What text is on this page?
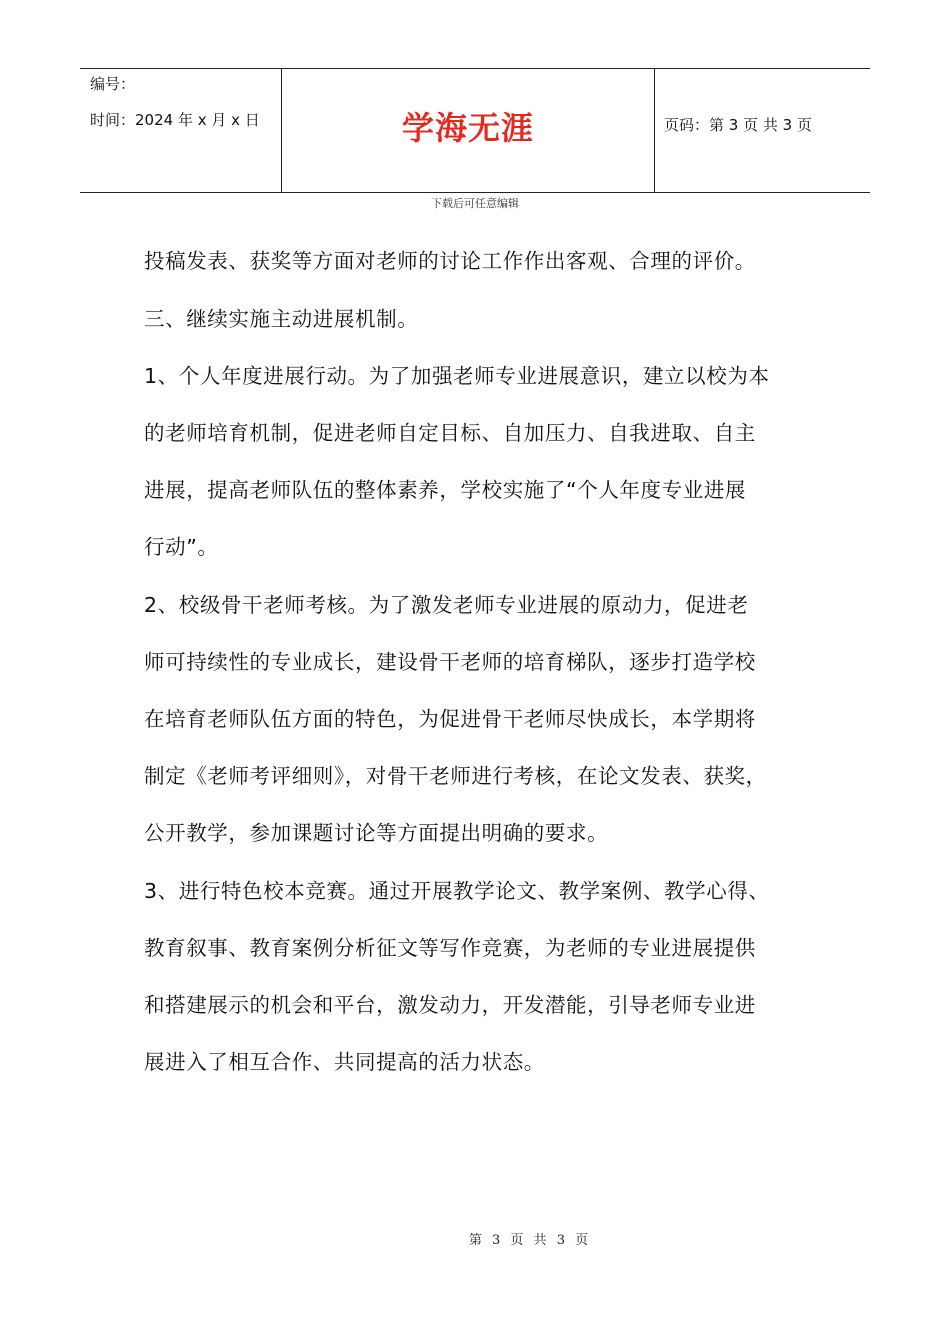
编号：
时间：2024 年 x 月 x 日	学海无涯	页码：第 3 页 共 3 页
下载后可任意编辑
投稿发表、获奖等方面对老师的讨论工作作出客观、合理的评价。
三、继续实施主动进展机制。
1、个人年度进展行动。为了加强老师专业进展意识，建立以校为本
的老师培育机制，促进老师自定目标、自加压力、自我进取、自主
进展，提高老师队伍的整体素养，学校实施了“个人年度专业进展
行动”。
2、校级骨干老师考核。为了激发老师专业进展的原动力，促进老
师可持续性的专业成长，建设骨干老师的培育梯队，逐步打造学校
在培育老师队伍方面的特色，为促进骨干老师尽快成长，本学期将
制定《老师考评细则》，对骨干老师进行考核，在论文发表、获奖，
公开教学，参加课题讨论等方面提出明确的要求。
3、进行特色校本竞赛。通过开展教学论文、教学案例、教学心得、
教育叙事、教育案例分析征文等写作竞赛，为老师的专业进展提供
和搭建展示的机会和平台，激发动力，开发潜能，引导老师专业进
展进入了相互合作、共同提高的活力状态。
第 3 页 共 3 页
